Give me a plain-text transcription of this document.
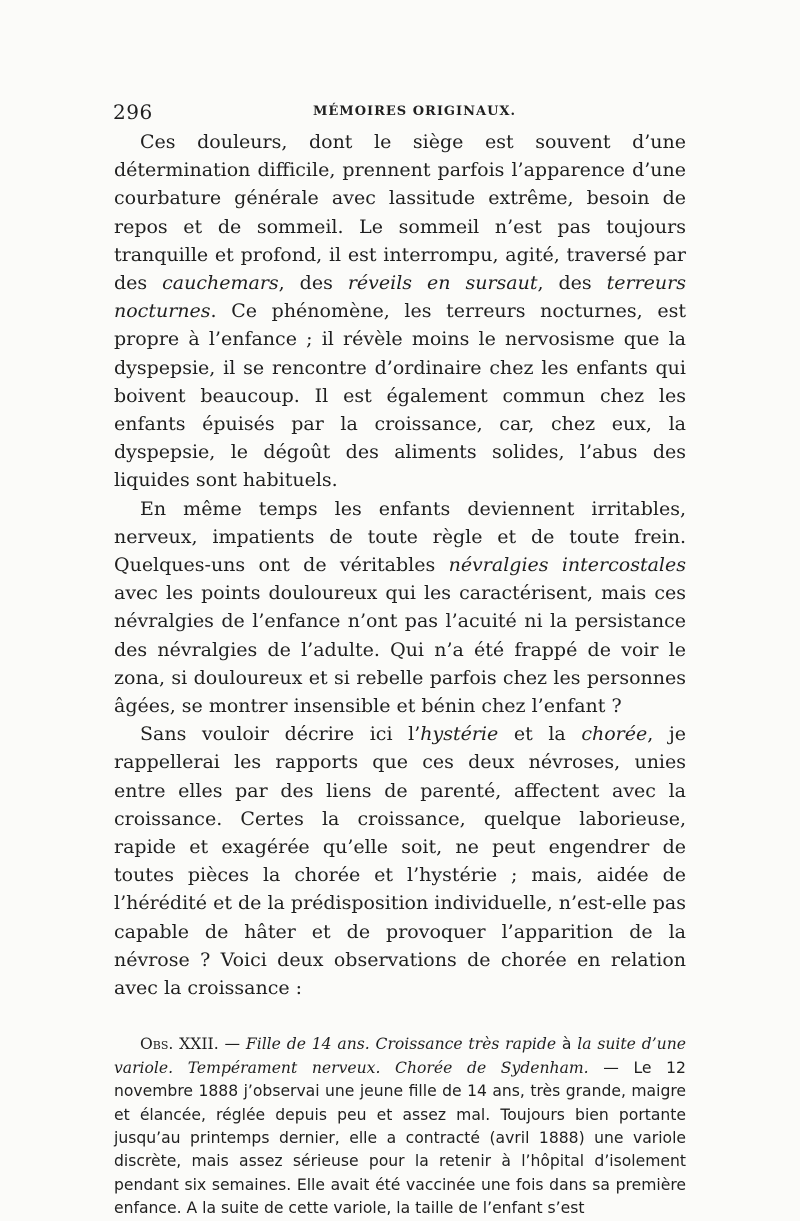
296	MÉMOIRES ORIGINAUX.

Ces douleurs, dont le siège est souvent d’une détermination difficile, prennent parfois l’apparence d’une courbature générale avec lassitude extrême, besoin de repos et de sommeil. Le sommeil n’est pas toujours tranquille et profond, il est interrompu, agité, traversé par des cauchemars, des réveils en sursaut, des terreurs nocturnes. Ce phénomène, les terreurs nocturnes, est propre à l’enfance ; il révèle moins le nervosisme que la dyspepsie, il se rencontre d’ordinaire chez les enfants qui boivent beaucoup. Il est également commun chez les enfants épuisés par la croissance, car, chez eux, la dyspepsie, le dégoût des aliments solides, l’abus des liquides sont habituels.

En même temps les enfants deviennent irritables, nerveux, impatients de toute règle et de toute frein. Quelques-uns ont de véritables névralgies intercostales avec les points douloureux qui les caractérisent, mais ces névralgies de l’enfance n’ont pas l’acuité ni la persistance des névralgies de l’adulte. Qui n’a été frappé de voir le zona, si douloureux et si rebelle parfois chez les personnes âgées, se montrer insensible et bénin chez l’enfant ?

Sans vouloir décrire ici l’hystérie et la chorée, je rappellerai les rapports que ces deux névroses, unies entre elles par des liens de parenté, affectent avec la croissance. Certes la croissance, quelque laborieuse, rapide et exagérée qu’elle soit, ne peut engendrer de toutes pièces la chorée et l’hystérie ; mais, aidée de l’hérédité et de la prédisposition individuelle, n’est-elle pas capable de hâter et de provoquer l’apparition de la névrose ? Voici deux observations de chorée en relation avec la croissance :

Obs. XXII. — Fille de 14 ans. Croissance très rapide à la suite d’une variole. Tempérament nerveux. Chorée de Sydenham. — Le 12 novembre 1888 j’observai une jeune fille de 14 ans, très grande, maigre et élancée, réglée depuis peu et assez mal. Toujours bien portante jusqu’au printemps dernier, elle a contracté (avril 1888) une variole discrète, mais assez sérieuse pour la retenir à l’hôpital d’isolement pendant six semaines. Elle avait été vaccinée une fois dans sa première enfance. A la suite de cette variole, la taille de l’enfant s’est
